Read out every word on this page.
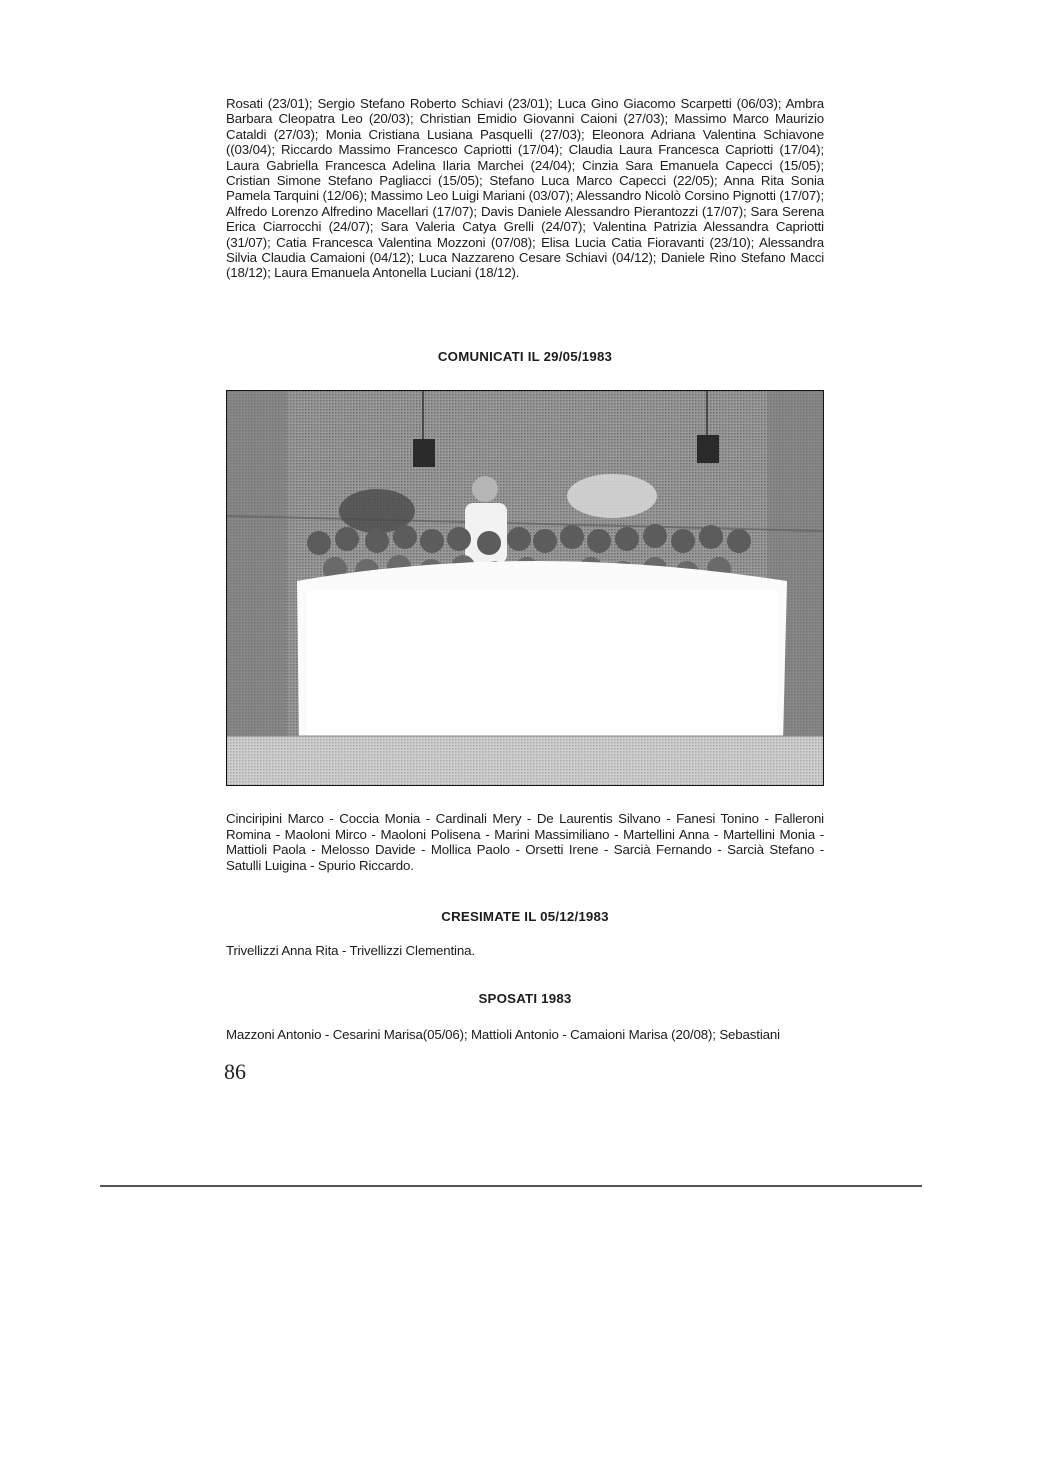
Rosati (23/01); Sergio Stefano Roberto Schiavi (23/01); Luca Gino Giacomo Scarpetti (06/03); Ambra Barbara Cleopatra Leo (20/03); Christian Emidio Giovanni Caioni (27/03); Massimo Marco Maurizio Cataldi (27/03); Monia Cristiana Lusiana Pasquelli (27/03); Eleonora Adriana Valentina Schiavone ((03/04); Riccardo Massimo Francesco Capriotti (17/04); Claudia Laura Francesca Capriotti (17/04); Laura Gabriella Francesca Adelina Ilaria Marchei (24/04); Cinzia Sara Emanuela Capecci (15/05); Cristian Simone Stefano Pagliacci (15/05); Stefano Luca Marco Capecci (22/05); Anna Rita Sonia Pamela Tarquini (12/06); Massimo Leo Luigi Mariani (03/07); Alessandro Nicolò Corsino Pignotti (17/07); Alfredo Lorenzo Alfredino Macellari (17/07); Davis Daniele Alessandro Pierantozzi (17/07); Sara Serena Erica Ciarrocchi (24/07); Sara Valeria Catya Grelli (24/07); Valentina Patrizia Alessandra Capriotti (31/07); Catia Francesca Valentina Mozzoni (07/08); Elisa Lucia Catia Fioravanti (23/10); Alessandra Silvia Claudia Camaioni (04/12); Luca Nazzareno Cesare Schiavi (04/12); Daniele Rino Stefano Macci (18/12); Laura Emanuela Antonella Luciani (18/12).
COMUNICATI IL 29/05/1983
Cinciripini Marco - Coccia Monia - Cardinali Mery - De Laurentis Silvano - Fanesi Tonino - Falleroni Romina - Maoloni Mirco - Maoloni Polisena - Marini Massimiliano - Martellini Anna - Martellini Monia - Mattioli Paola - Melosso Davide - Mollica Paolo - Orsetti Irene - Sarcià Fernando - Sarcià Stefano - Satulli Luigina - Spurio Riccardo.
CRESIMATE IL 05/12/1983
Trivellizzi Anna Rita - Trivellizzi Clementina.
SPOSATI 1983
Mazzoni Antonio - Cesarini Marisa(05/06); Mattioli Antonio - Camaioni Marisa (20/08); Sebastiani
86
